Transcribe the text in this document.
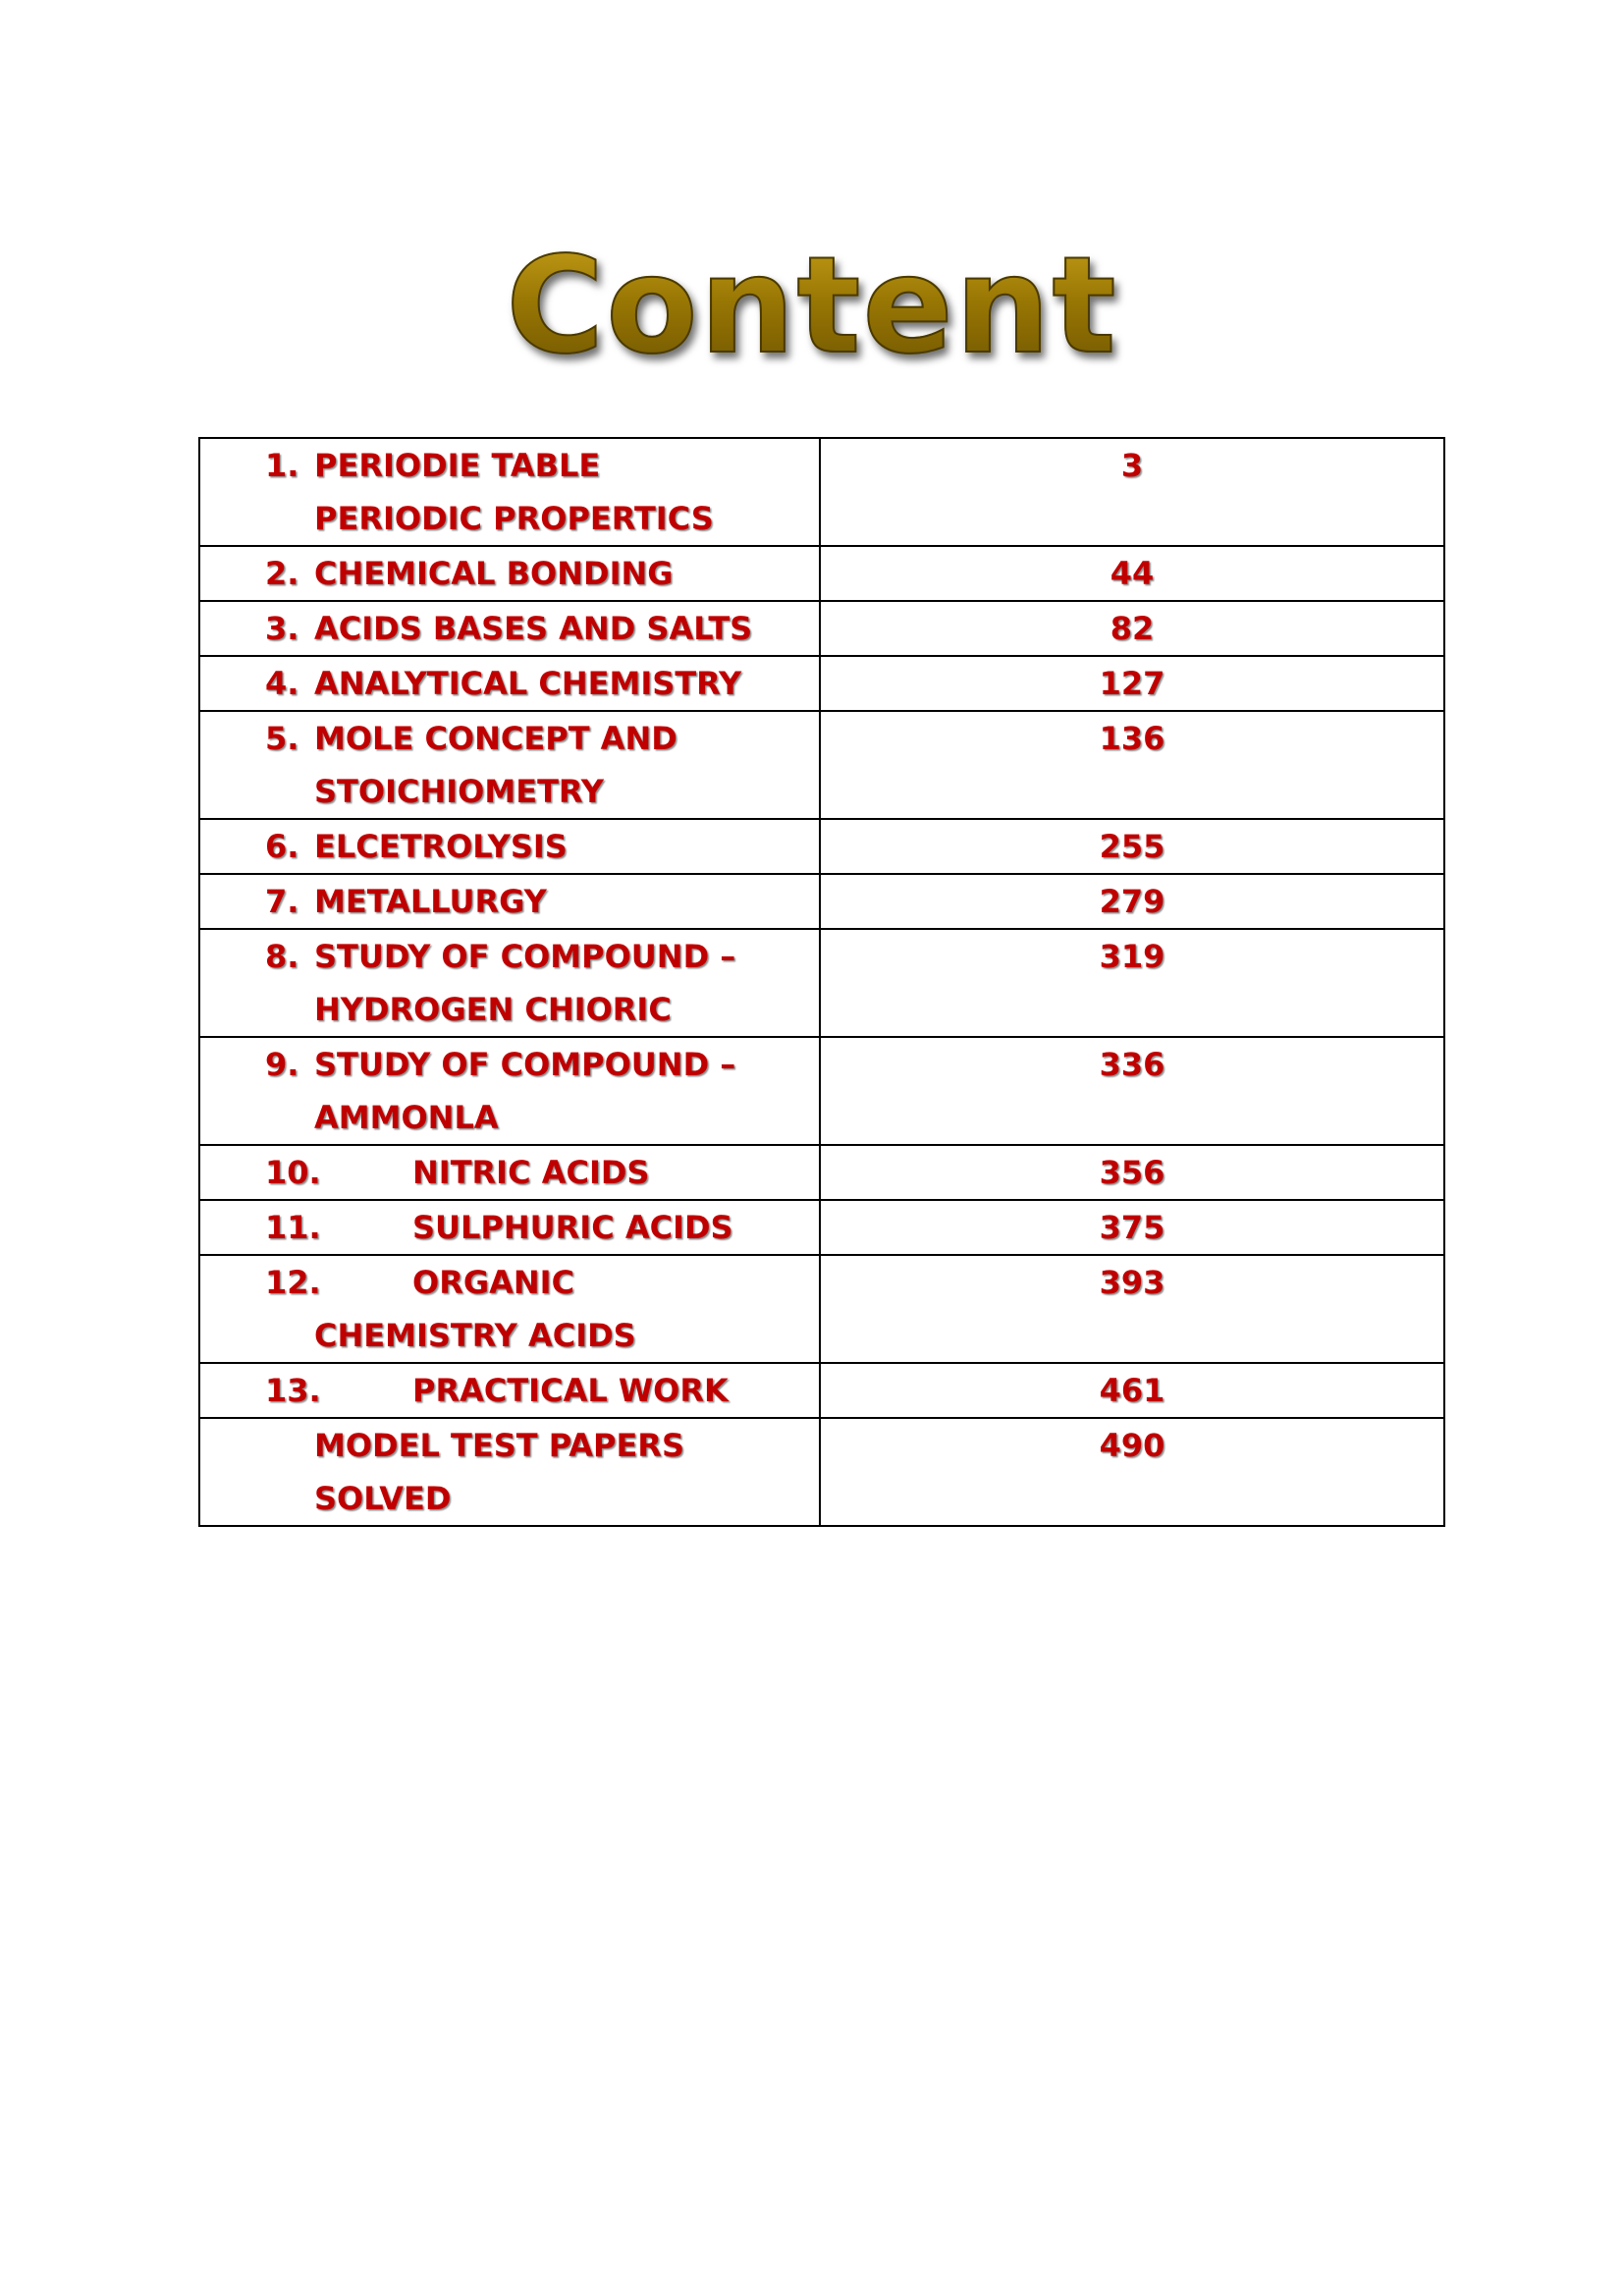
Content
1. PERIODIE TABLE
PERIODIC PROPERTICS	3

2. CHEMICAL BONDING	44

3. ACIDS BASES AND SALTS	82

4. ANALYTICAL CHEMISTRY	127

5. MOLE CONCEPT AND
STOICHIOMETRY	136

6. ELCETROLYSIS	255

7. METALLURGY	279

8. STUDY OF COMPOUND –
HYDROGEN CHIORIC	319

9. STUDY OF COMPOUND –
AMMONLA	336

10. NITRIC ACIDS	356

11. SULPHURIC ACIDS	375

12. ORGANIC
CHEMISTRY ACIDS	393

13. PRACTICAL WORK	461

MODEL TEST PAPERS
SOLVED	490
